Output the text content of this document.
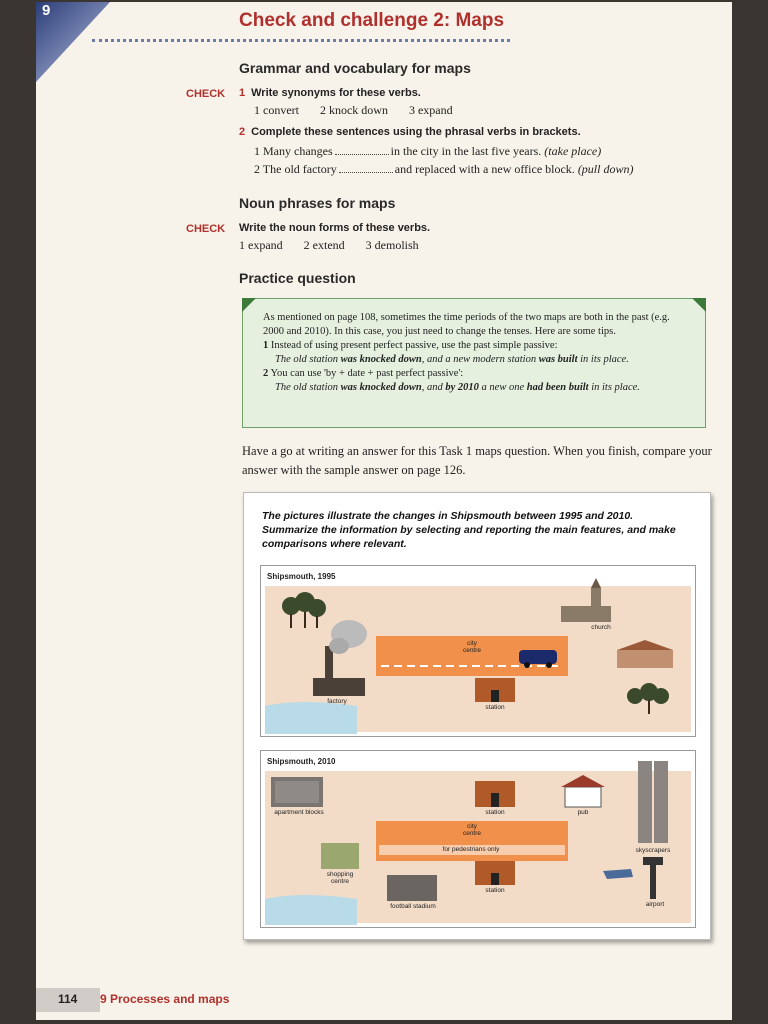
9	Check and challenge 2: Maps
Grammar and vocabulary for maps
CHECK 1 Write synonyms for these verbs.
1 convert 2 knock down 3 expand
2 Complete these sentences using the phrasal verbs in brackets.
1 Many changes	in the city in the last five years. (take place)
2 The old factory	and replaced with a new office block. (pull down)
Noun phrases for maps
CHECK Write the noun forms of these verbs.
1 expand 2 extend 3 demolish
Practice question
As mentioned on page 108, sometimes the time periods of the two maps are both in the past (e.g. 2000 and 2010). In this case, you just need to change the tenses. Here are some tips.
1 Instead of using present perfect passive, use the past simple passive:
The old station was knocked down, and a new modern station was built in its place.
2 You can use 'by + date + past perfect passive':
The old station was knocked down, and by 2010 a new one had been built in its place.
Have a go at writing an answer for this Task 1 maps question. When you finish, compare your answer with the sample answer on page 126.
The pictures illustrate the changes in Shipsmouth between 1995 and 2010. Summarize the information by selecting and reporting the main features, and make comparisons where relevant.
Shipsmouth, 1995
church
city
centre
factory
station
Shipsmouth, 2010
apartment blocks	station	pub
city
centre
for pedestrians only	skyscrapers
shopping
centre
station
football stadium	airport
114 9 Processes and maps
